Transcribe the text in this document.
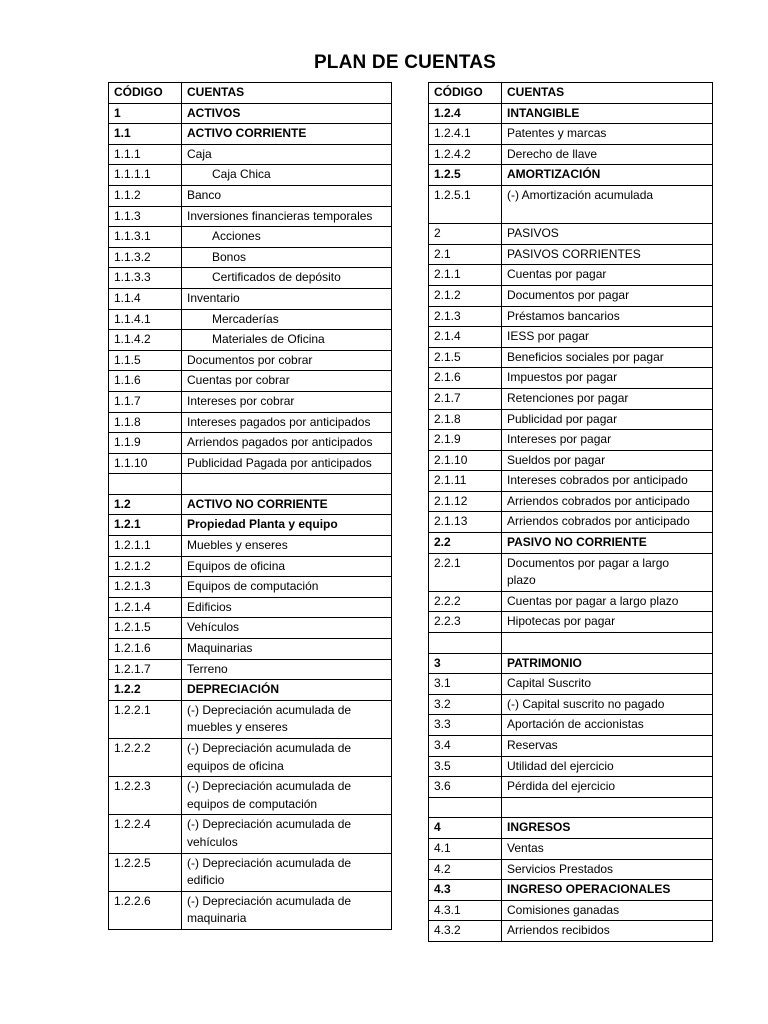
PLAN DE CUENTAS
CÓDIGO	CUENTAS
1	ACTIVOS
1.1	ACTIVO CORRIENTE
1.1.1	Caja
1.1.1.1	Caja Chica
1.1.2	Banco
1.1.3	Inversiones financieras temporales
1.1.3.1	Acciones
1.1.3.2	Bonos
1.1.3.3	Certificados de depósito
1.1.4	Inventario
1.1.4.1	Mercaderías
1.1.4.2	Materiales de Oficina
1.1.5	Documentos por cobrar
1.1.6	Cuentas por cobrar
1.1.7	Intereses por cobrar
1.1.8	Intereses pagados por anticipados
1.1.9	Arriendos pagados por anticipados
1.1.10	Publicidad Pagada por anticipados

1.2	ACTIVO NO CORRIENTE
1.2.1	Propiedad Planta y equipo
1.2.1.1	Muebles y enseres
1.2.1.2	Equipos de oficina
1.2.1.3	Equipos de computación
1.2.1.4	Edificios
1.2.1.5	Vehículos
1.2.1.6	Maquinarias
1.2.1.7	Terreno
1.2.2	DEPRECIACIÓN
1.2.2.1	(-) Depreciación acumulada de
muebles y enseres

1.2.2.2	(-) Depreciación acumulada de
equipos de oficina

1.2.2.3	(-) Depreciación acumulada de
equipos de computación

1.2.2.4	(-) Depreciación acumulada de
vehículos

1.2.2.5	(-) Depreciación acumulada de
edificio

1.2.2.6	(-) Depreciación acumulada de
maquinaria
CÓDIGO	CUENTAS
1.2.4	INTANGIBLE
1.2.4.1	Patentes y marcas
1.2.4.2	Derecho de llave
1.2.5	AMORTIZACIÓN
1.2.5.1	(-) Amortización acumulada

2	PASIVOS
2.1	PASIVOS CORRIENTES
2.1.1	Cuentas por pagar
2.1.2	Documentos por pagar
2.1.3	Préstamos bancarios
2.1.4	IESS por pagar
2.1.5	Beneficios sociales por pagar
2.1.6	Impuestos por pagar
2.1.7	Retenciones por pagar
2.1.8	Publicidad por pagar
2.1.9	Intereses por pagar
2.1.10	Sueldos por pagar
2.1.11	Intereses cobrados por anticipado
2.1.12	Arriendos cobrados por anticipado
2.1.13	Arriendos cobrados por anticipado
2.2	PASIVO NO CORRIENTE
2.2.1	Documentos por pagar a largo
plazo

2.2.2	Cuentas por pagar a largo plazo
2.2.3	Hipotecas por pagar

3	PATRIMONIO
3.1	Capital Suscrito
3.2	(-) Capital suscrito no pagado
3.3	Aportación de accionistas
3.4	Reservas
3.5	Utilidad del ejercicio
3.6	Pérdida del ejercicio

4	INGRESOS
4.1	Ventas
4.2	Servicios Prestados
4.3	INGRESO OPERACIONALES
4.3.1	Comisiones ganadas
4.3.2	Arriendos recibidos
